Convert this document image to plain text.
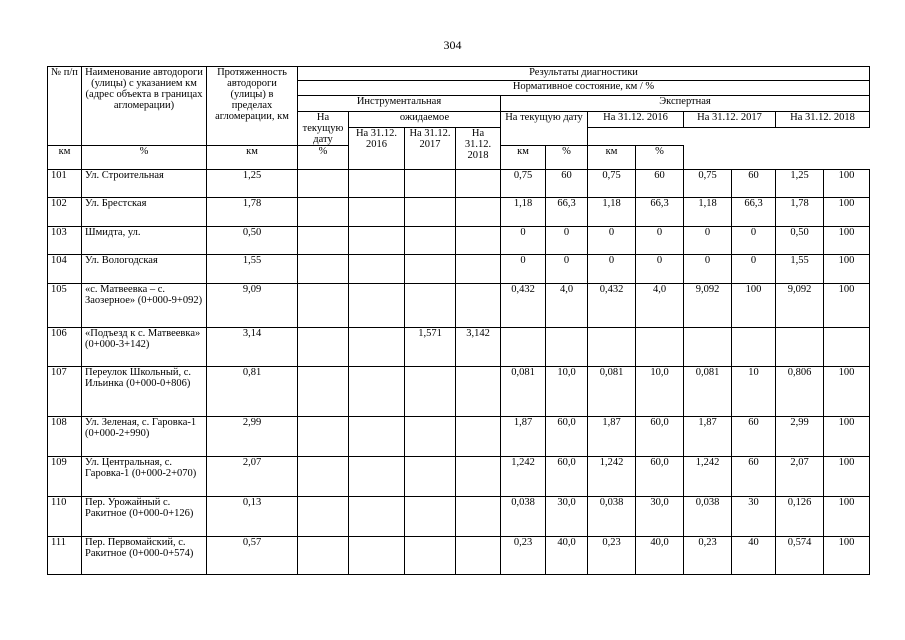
304
№ п/п	Наименование автодороги (улицы) с указанием км (адрес объекта в границах агломерации)	Протяженность автодороги (улицы) в пределах агломерации, км	Результаты диагностики											
			Нормативное состояние, км / %											
			Инструментальная				Экспертная							
			На текущую дату	ожидаемое			На текущую дату		На 31.12. 2016		На 31.12. 2017		На 31.12. 2018	
				На 31.12. 2016	На 31.12. 2017	На 31.12. 2018								
км	%	км	%				км	%	км	%				
101	Ул. Строительная	1,25					0,75	60	0,75	60	0,75	60	1,25	100
102	Ул. Брестская	1,78					1,18	66,3	1,18	66,3	1,18	66,3	1,78	100
103	Шмидта, ул.	0,50					0	0	0	0	0	0	0,50	100
104	Ул. Вологодская	1,55					0	0	0	0	0	0	1,55	100
105	«с. Матвеевка – с. Заозерное» (0+000-9+092)	9,09					0,432	4,0	0,432	4,0	9,092	100	9,092	100
106	«Подъезд к с. Матвеевка» (0+000-3+142)	3,14			1,571	3,142								
107	Переулок Школьный, с. Ильинка (0+000-0+806)	0,81					0,081	10,0	0,081	10,0	0,081	10	0,806	100
108	Ул. Зеленая, с. Гаровка-1 (0+000-2+990)	2,99					1,87	60,0	1,87	60,0	1,87	60	2,99	100
109	Ул. Центральная, с. Гаровка-1 (0+000-2+070)	2,07					1,242	60,0	1,242	60,0	1,242	60	2,07	100
110	Пер. Урожайный с. Ракитное (0+000-0+126)	0,13					0,038	30,0	0,038	30,0	0,038	30	0,126	100
111	Пер. Первомайский, с. Ракитное (0+000-0+574)	0,57					0,23	40,0	0,23	40,0	0,23	40	0,574	100
